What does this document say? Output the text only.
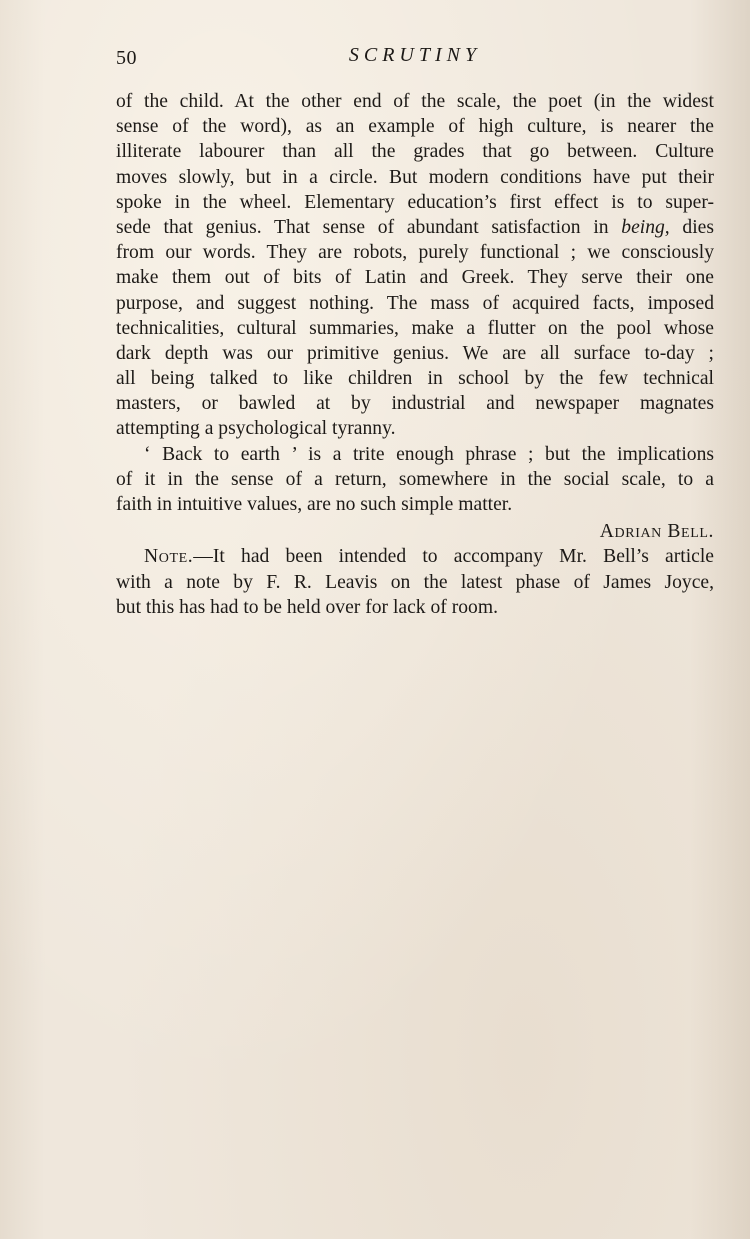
50	SCRUTINY

of the child. At the other end of the scale, the poet (in the widest
sense of the word), as an example of high culture, is nearer the
illiterate labourer than all the grades that go between. Culture
moves slowly, but in a circle. But modern conditions have put their
spoke in the wheel. Elementary education’s first effect is to super-
sede that genius. That sense of abundant satisfaction in being, dies
from our words. They are robots, purely functional ; we consciously
make them out of bits of Latin and Greek. They serve their one
purpose, and suggest nothing. The mass of acquired facts, imposed
technicalities, cultural summaries, make a flutter on the pool whose
dark depth was our primitive genius. We are all surface to-day ;
all being talked to like children in school by the few technical
masters, or bawled at by industrial and newspaper magnates
attempting a psychological tyranny.

‘ Back to earth ’ is a trite enough phrase ; but the implications
of it in the sense of a return, somewhere in the social scale, to a
faith in intuitive values, are no such simple matter.

Adrian Bell.

Note.—It had been intended to accompany Mr. Bell’s article
with a note by F. R. Leavis on the latest phase of James Joyce,
but this has had to be held over for lack of room.
